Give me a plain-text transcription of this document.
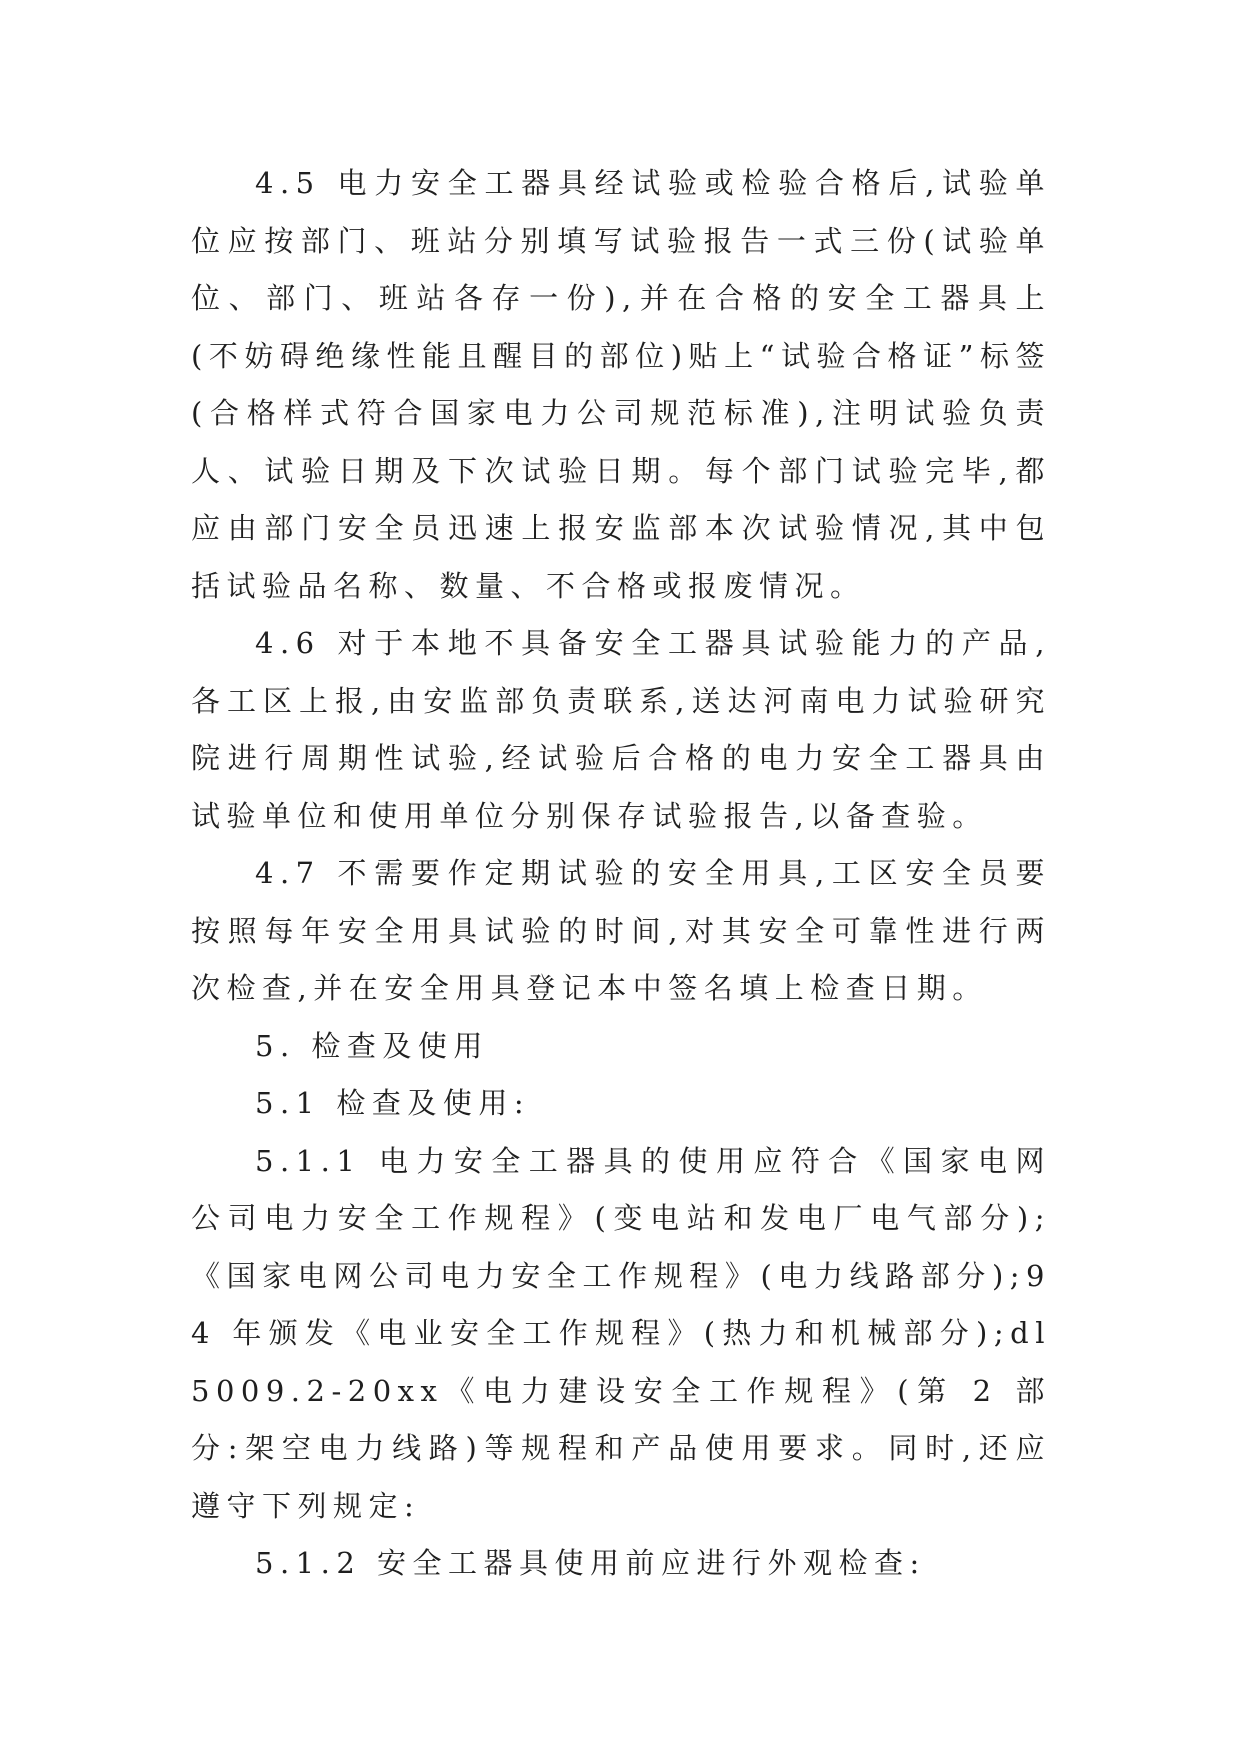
4.5 电力安全工器具经试验或检验合格后,试验单位应按部门、班站分别填写试验报告一式三份(试验单位、部门、班站各存一份),并在合格的安全工器具上(不妨碍绝缘性能且醒目的部位)贴上“试验合格证”标签(合格样式符合国家电力公司规范标准),注明试验负责人、试验日期及下次试验日期。每个部门试验完毕,都应由部门安全员迅速上报安监部本次试验情况,其中包括试验品名称、数量、不合格或报废情况。

4.6 对于本地不具备安全工器具试验能力的产品,各工区上报,由安监部负责联系,送达河南电力试验研究院进行周期性试验,经试验后合格的电力安全工器具由试验单位和使用单位分别保存试验报告,以备查验。

4.7 不需要作定期试验的安全用具,工区安全员要按照每年安全用具试验的时间,对其安全可靠性进行两次检查,并在安全用具登记本中签名填上检查日期。

5. 检查及使用

5.1 检查及使用:

5.1.1 电力安全工器具的使用应符合《国家电网公司电力安全工作规程》(变电站和发电厂电气部分);《国家电网公司电力安全工作规程》(电力线路部分);94 年颁发《电业安全工作规程》(热力和机械部分);dl5009.2-20xx《电力建设安全工作规程》(第 2 部分:架空电力线路)等规程和产品使用要求。同时,还应遵守下列规定:

5.1.2 安全工器具使用前应进行外观检查:
